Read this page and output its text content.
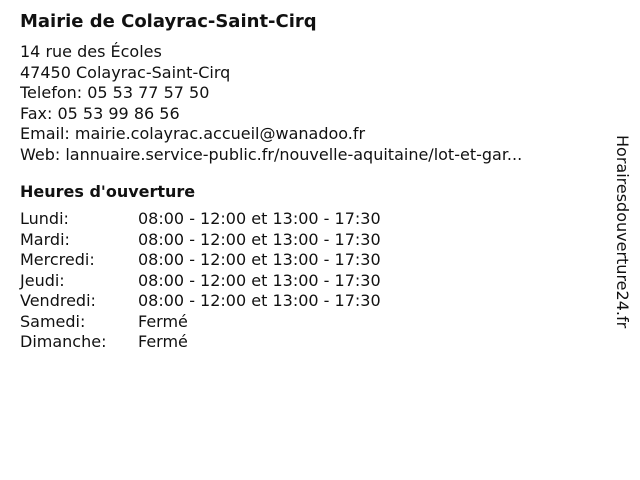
Mairie de Colayrac-Saint-Cirq
14 rue des Écoles
47450 Colayrac-Saint-Cirq
Telefon: 05 53 77 57 50
Fax: 05 53 99 86 56
Email: mairie.colayrac.accueil@wanadoo.fr
Web: lannuaire.service-public.fr/nouvelle-aquitaine/lot-et-gar...
Heures d'ouverture
Lundi:	08:00 - 12:00 et 13:00 - 17:30
Mardi:	08:00 - 12:00 et 13:00 - 17:30
Mercredi:	08:00 - 12:00 et 13:00 - 17:30
Jeudi:	08:00 - 12:00 et 13:00 - 17:30
Vendredi:	08:00 - 12:00 et 13:00 - 17:30
Samedi:	Fermé
Dimanche:	Fermé
Horairesdouverture24.fr
